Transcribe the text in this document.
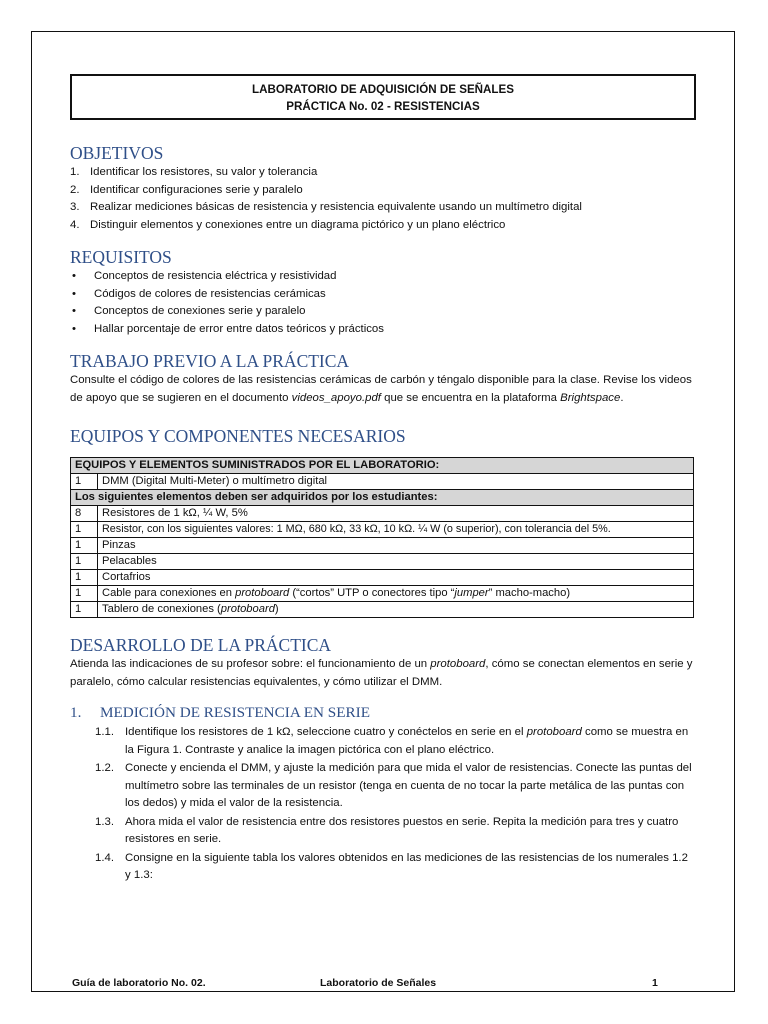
LABORATORIO DE ADQUISICIÓN DE SEÑALES
PRÁCTICA No. 02 - RESISTENCIAS
OBJETIVOS
1. Identificar los resistores, su valor y tolerancia
2. Identificar configuraciones serie y paralelo
3. Realizar mediciones básicas de resistencia y resistencia equivalente usando un multímetro digital
4. Distinguir elementos y conexiones entre un diagrama pictórico y un plano eléctrico
REQUISITOS
•	Conceptos de resistencia eléctrica y resistividad
•	Códigos de colores de resistencias cerámicas
•	Conceptos de conexiones serie y paralelo
•	Hallar porcentaje de error entre datos teóricos y prácticos
TRABAJO PREVIO A LA PRÁCTICA

Consulte el código de colores de las resistencias cerámicas de carbón y téngalo disponible para la clase. Revise los videos de apoyo que se sugieren en el documento videos_apoyo.pdf que se encuentra en la plataforma Brightspace.

EQUIPOS Y COMPONENTES NECESARIOS
EQUIPOS Y ELEMENTOS SUMINISTRADOS POR EL LABORATORIO:	
1	DMM (Digital Multi-Meter) o multímetro digital
Los siguientes elementos deben ser adquiridos por los estudiantes:	
8	Resistores de 1 kΩ, ¼ W, 5%
1	Resistor, con los siguientes valores: 1 MΩ, 680 kΩ, 33 kΩ, 10 kΩ. ¼ W (o superior), con tolerancia del 5%.
1	Pinzas
1	Pelacables
1	Cortafrios
1	Cable para conexiones en protoboard (“cortos” UTP o conectores tipo “jumper” macho-macho)
1	Tablero de conexiones (protoboard)
DESARROLLO DE LA PRÁCTICA

Atienda las indicaciones de su profesor sobre: el funcionamiento de un protoboard, cómo se conectan elementos en serie y paralelo, cómo calcular resistencias equivalentes, y cómo utilizar el DMM.

1.	MEDICIÓN DE RESISTENCIA EN SERIE
1.1. Identifique los resistores de 1 kΩ, seleccione cuatro y conéctelos en serie en el protoboard como se muestra en la Figura 1. Contraste y analice la imagen pictórica con el plano eléctrico.
1.2. Conecte y encienda el DMM, y ajuste la medición para que mida el valor de resistencias. Conecte las puntas del multímetro sobre las terminales de un resistor (tenga en cuenta de no tocar la parte metálica de las puntas con los dedos) y mida el valor de la resistencia.
1.3. Ahora mida el valor de resistencia entre dos resistores puestos en serie. Repita la medición para tres y cuatro resistores en serie.
1.4. Consigne en la siguiente tabla los valores obtenidos en las mediciones de las resistencias de los numerales 1.2 y 1.3:
Guía de laboratorio No. 02.	Laboratorio de Señales	1
